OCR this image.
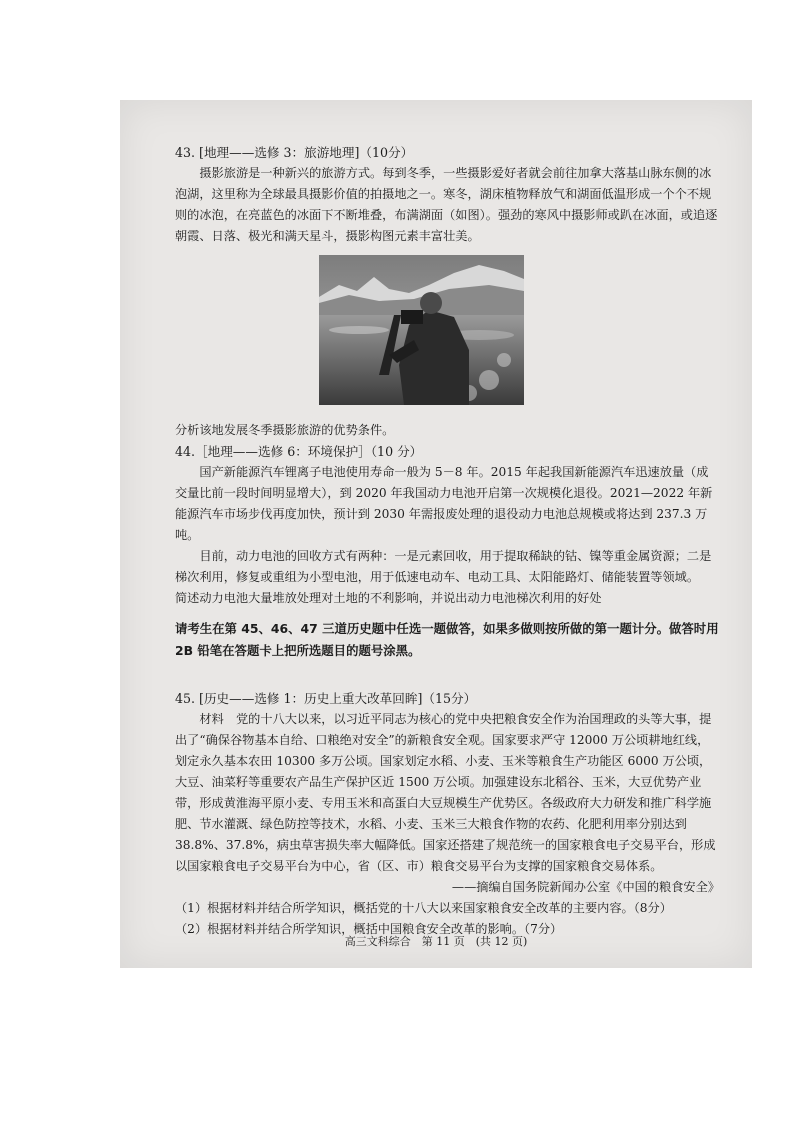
43. [地理——选修 3：旅游地理]（10分）

摄影旅游是一种新兴的旅游方式。每到冬季，一些摄影爱好者就会前往加拿大落基山脉东侧的冰泡湖，这里称为全球最具摄影价值的拍摄地之一。寒冬，湖床植物释放气和湖面低温形成一个个不规则的冰泡，在亮蓝色的冰面下不断堆叠，布满湖面（如图）。强劲的寒风中摄影师或趴在冰面，或追逐朝霞、日落、极光和满天星斗，摄影构图元素丰富壮美。

分析该地发展冬季摄影旅游的优势条件。

44.［地理——选修 6：环境保护］（10 分）

国产新能源汽车锂离子电池使用寿命一般为 5－8 年。2015 年起我国新能源汽车迅速放量（成交量比前一段时间明显增大），到 2020 年我国动力电池开启第一次规模化退役。2021—2022 年新能源汽车市场步伐再度加快，预计到 2030 年需报废处理的退役动力电池总规模或将达到 237.3 万吨。

目前，动力电池的回收方式有两种：一是元素回收，用于提取稀缺的钴、镍等重金属资源；二是梯次利用，修复或重组为小型电池，用于低速电动车、电动工具、太阳能路灯、储能装置等领域。

简述动力电池大量堆放处理对土地的不利影响，并说出动力电池梯次利用的好处

请考生在第 45、46、47 三道历史题中任选一题做答，如果多做则按所做的第一题计分。做答时用 2B 铅笔在答题卡上把所选题目的题号涂黑。

45. [历史——选修 1：历史上重大改革回眸]（15分）

材料　党的十八大以来，以习近平同志为核心的党中央把粮食安全作为治国理政的头等大事，提出了“确保谷物基本自给、口粮绝对安全”的新粮食安全观。国家要求严守 12000 万公顷耕地红线，划定永久基本农田 10300 多万公顷。国家划定水稻、小麦、玉米等粮食生产功能区 6000 万公顷，大豆、油菜籽等重要农产品生产保护区近 1500 万公顷。加强建设东北稻谷、玉米，大豆优势产业带，形成黄淮海平原小麦、专用玉米和高蛋白大豆规模生产优势区。各级政府大力研发和推广科学施肥、节水灌溉、绿色防控等技术，水稻、小麦、玉米三大粮食作物的农药、化肥利用率分别达到 38.8%、37.8%，病虫草害损失率大幅降低。国家还搭建了规范统一的国家粮食电子交易平台，形成以国家粮食电子交易平台为中心，省（区、市）粮食交易平台为支撑的国家粮食交易体系。

——摘编自国务院新闻办公室《中国的粮食安全》

（1）根据材料并结合所学知识，概括党的十八大以来国家粮食安全改革的主要内容。（8分）

（2）根据材料并结合所学知识，概括中国粮食安全改革的影响。（7分）

高三文科综合　第 11 页　(共 12 页)
